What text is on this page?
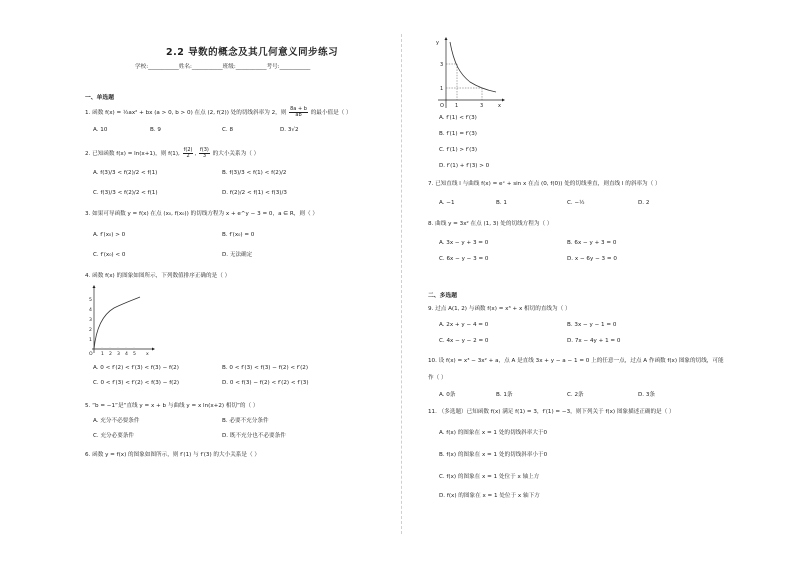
2.2 导数的概念及其几何意义同步练习
学校:___________姓名:___________班级:___________考号:___________
一、单选题
1. 函数 f(x) = ½ax² + bx (a > 0, b > 0) 在点 (2, f(2)) 处的切线斜率为 2，则 $\frac{8a + b}{ab}$ 的最小值是（ ）
A. 10	B. 9	C. 8	D. 3√2
2. 已知函数 f(x) = ln(x+1)，则 f(1), $\frac{f(2)}{2}$ , $\frac{f(3)}{3}$ 的大小关系为（ ）
A. f(3)/3 < f(2)/2 < f(1)	B. f(3)/3 < f(1) < f(2)/2
C. f(3)/3 < f(2)/2 < f(1)	D. f(2)/2 < f(1) < f(3)/3
3. 如果可导函数 y = f(x) 在点 (x₀, f(x₀)) 的切线方程为 x + e^y − 3 = 0，a ∈ R，则（ ）
A. f′(x₀) > 0	B. f′(x₀) = 0
C. f′(x₀) < 0	D. 无法确定
4. 函数 f(x) 的图象如图所示，下列数值排序正确的是（ ）
O 1 2 3 4 5 x
1
2
3
4
5
A. 0 < f′(2) < f′(3) < f(3) − f(2)	B. 0 < f′(3) < f(3) − f(2) < f′(2)
C. 0 < f′(3) < f′(2) < f(3) − f(2)	D. 0 < f(3) − f(2) < f′(2) < f′(3)
5. “b = −1”是“直线 y = x + b 与曲线 y = x ln(x+2) 相切”的（ ）
A. 充分不必要条件	B. 必要不充分条件
C. 充分必要条件	D. 既不充分也不必要条件
6. 函数 y = f(x) 的图象如图所示，则 f′(1) 与 f′(3) 的大小关系是（ ）
y
x
O 1	3
3
1
A. f′(1) < f′(3)
B. f′(1) = f′(3)
C. f′(1) > f′(3)
D. f′(1) + f′(3) > 0
7. 已知直线 l 与曲线 f(x) = eˣ + sin x 在点 (0, f(0)) 处的切线垂直，则直线 l 的斜率为（ ）
A. −1	B. 1	C. −½	D. 2
8. 曲线 y = 3x² 在点 (1, 3) 处的切线方程为（ ）
A. 3x − y + 3 = 0	B. 6x − y + 3 = 0
C. 6x − y − 3 = 0	D. x − 6y − 3 = 0
二、多选题
9. 过点 A(1, 2) 与函数 f(x) = x³ + x 相切的直线为（ ）
A. 2x + y − 4 = 0	B. 3x − y − 1 = 0
C. 4x − y − 2 = 0	D. 7x − 4y + 1 = 0
10. 设 f(x) = x³ − 3x² + a，点 A 是直线 3x + y − a − 1 = 0 上的任意一点，过点 A 作函数 f(x) 图象的切线，可能
作（ ）
A. 0条	B. 1条	C. 2条	D. 3条
11. （多选题）已知函数 f(x) 满足 f(1) = 3，f′(1) = −3，则下列关于 f(x) 图象描述正确的是（ ）
A. f(x) 的图象在 x = 1 处的切线斜率大于0
B. f(x) 的图象在 x = 1 处的切线斜率小于0
C. f(x) 的图象在 x = 1 处位于 x 轴上方
D. f(x) 的图象在 x = 1 处位于 x 轴下方
